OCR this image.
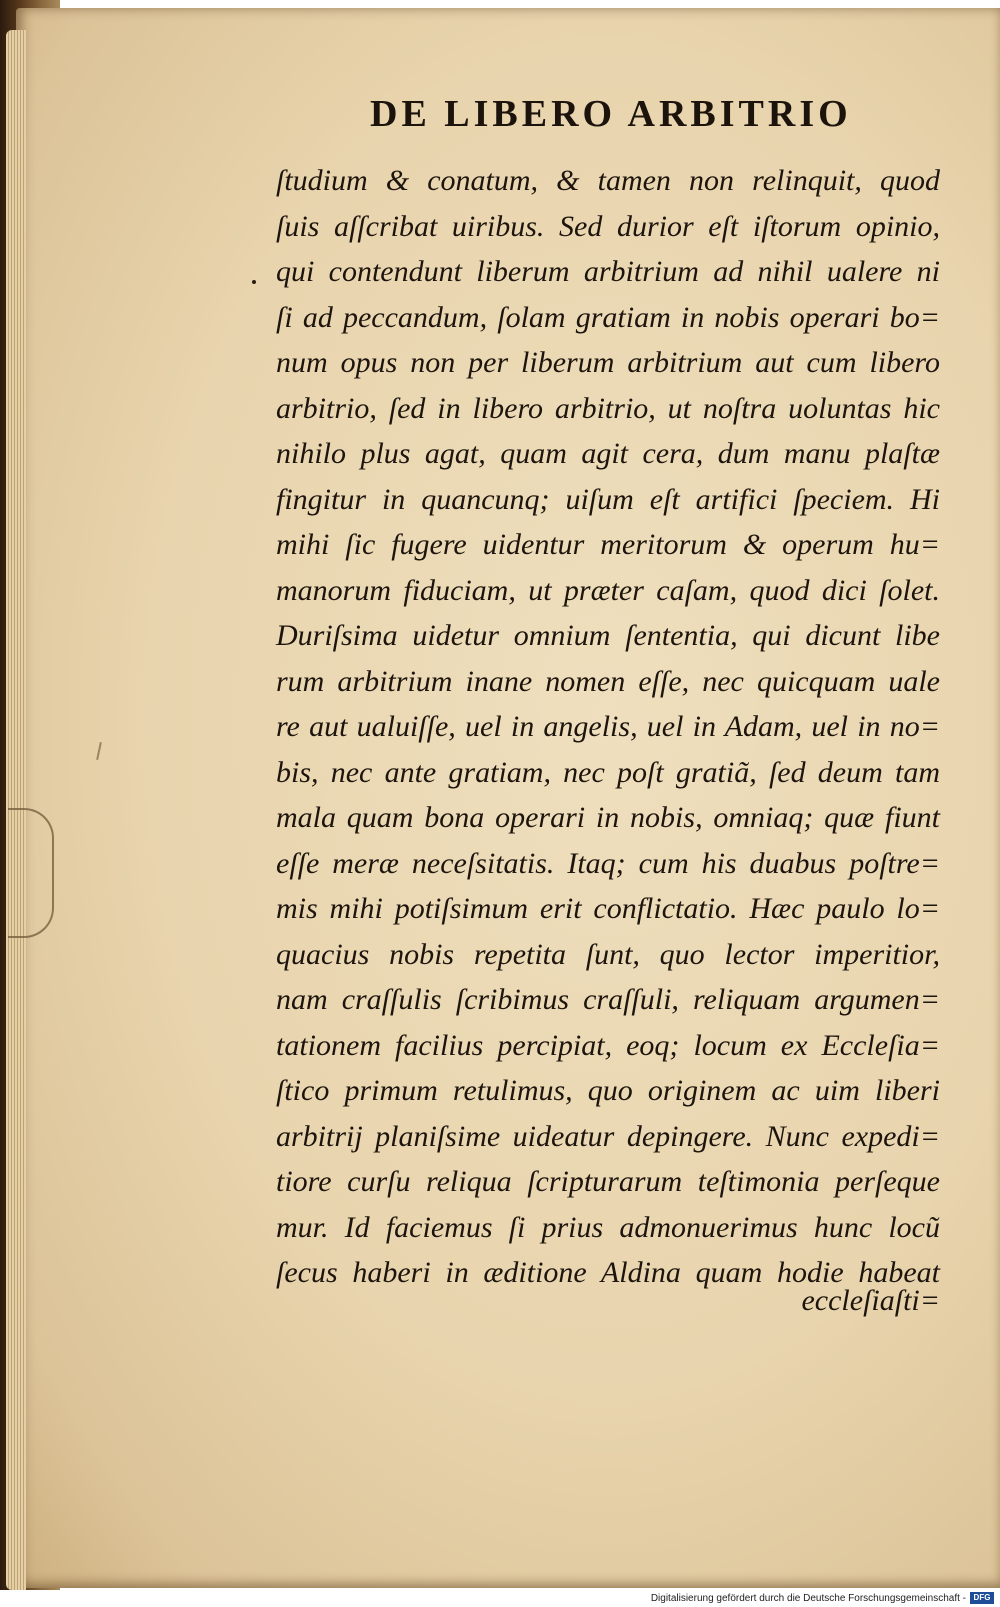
DE LIBERO ARBITRIO
ſtudium & conatum, & tamen non relinquit, quod
ſuis aſſcribat uiribus. Sed durior eſt iſtorum opinio,
qui contendunt liberum arbitrium ad nihil ualere ni
ſi ad peccandum, ſolam gratiam in nobis operari bo=
num opus non per liberum arbitrium aut cum libero
arbitrio, ſed in libero arbitrio, ut noſtra uoluntas hic
nihilo plus agat, quam agit cera, dum manu plaſtæ
fingitur in quancunq; uiſum eſt artifici ſpeciem. Hi
mihi ſic fugere uidentur meritorum & operum hu=
manorum fiduciam, ut præter caſam, quod dici ſolet.
Duriſsima uidetur omnium ſententia, qui dicunt libe
rum arbitrium inane nomen eſſe, nec quicquam uale
re aut ualuiſſe, uel in angelis, uel in Adam, uel in no=
bis, nec ante gratiam, nec poſt gratiã, ſed deum tam
mala quam bona operari in nobis, omniaq; quæ fiunt
eſſe meræ neceſsitatis. Itaq; cum his duabus poſtre=
mis mihi potiſsimum erit conflictatio. Hæc paulo lo=
quacius nobis repetita ſunt, quo lector imperitior,
nam craſſulis ſcribimus craſſuli, reliquam argumen=
tationem facilius percipiat, eoq; locum ex Eccleſia=
ſtico primum retulimus, quo originem ac uim liberi
arbitrij planiſsime uideatur depingere. Nunc expedi=
tiore curſu reliqua ſcripturarum teſtimonia perſeque
mur. Id faciemus ſi prius admonuerimus hunc locũ
ſecus haberi in æditione Aldina quam hodie habeat
eccleſiaſti=
Digitalisierung gefördert durch die Deutsche Forschungsgemeinschaft - DFG
